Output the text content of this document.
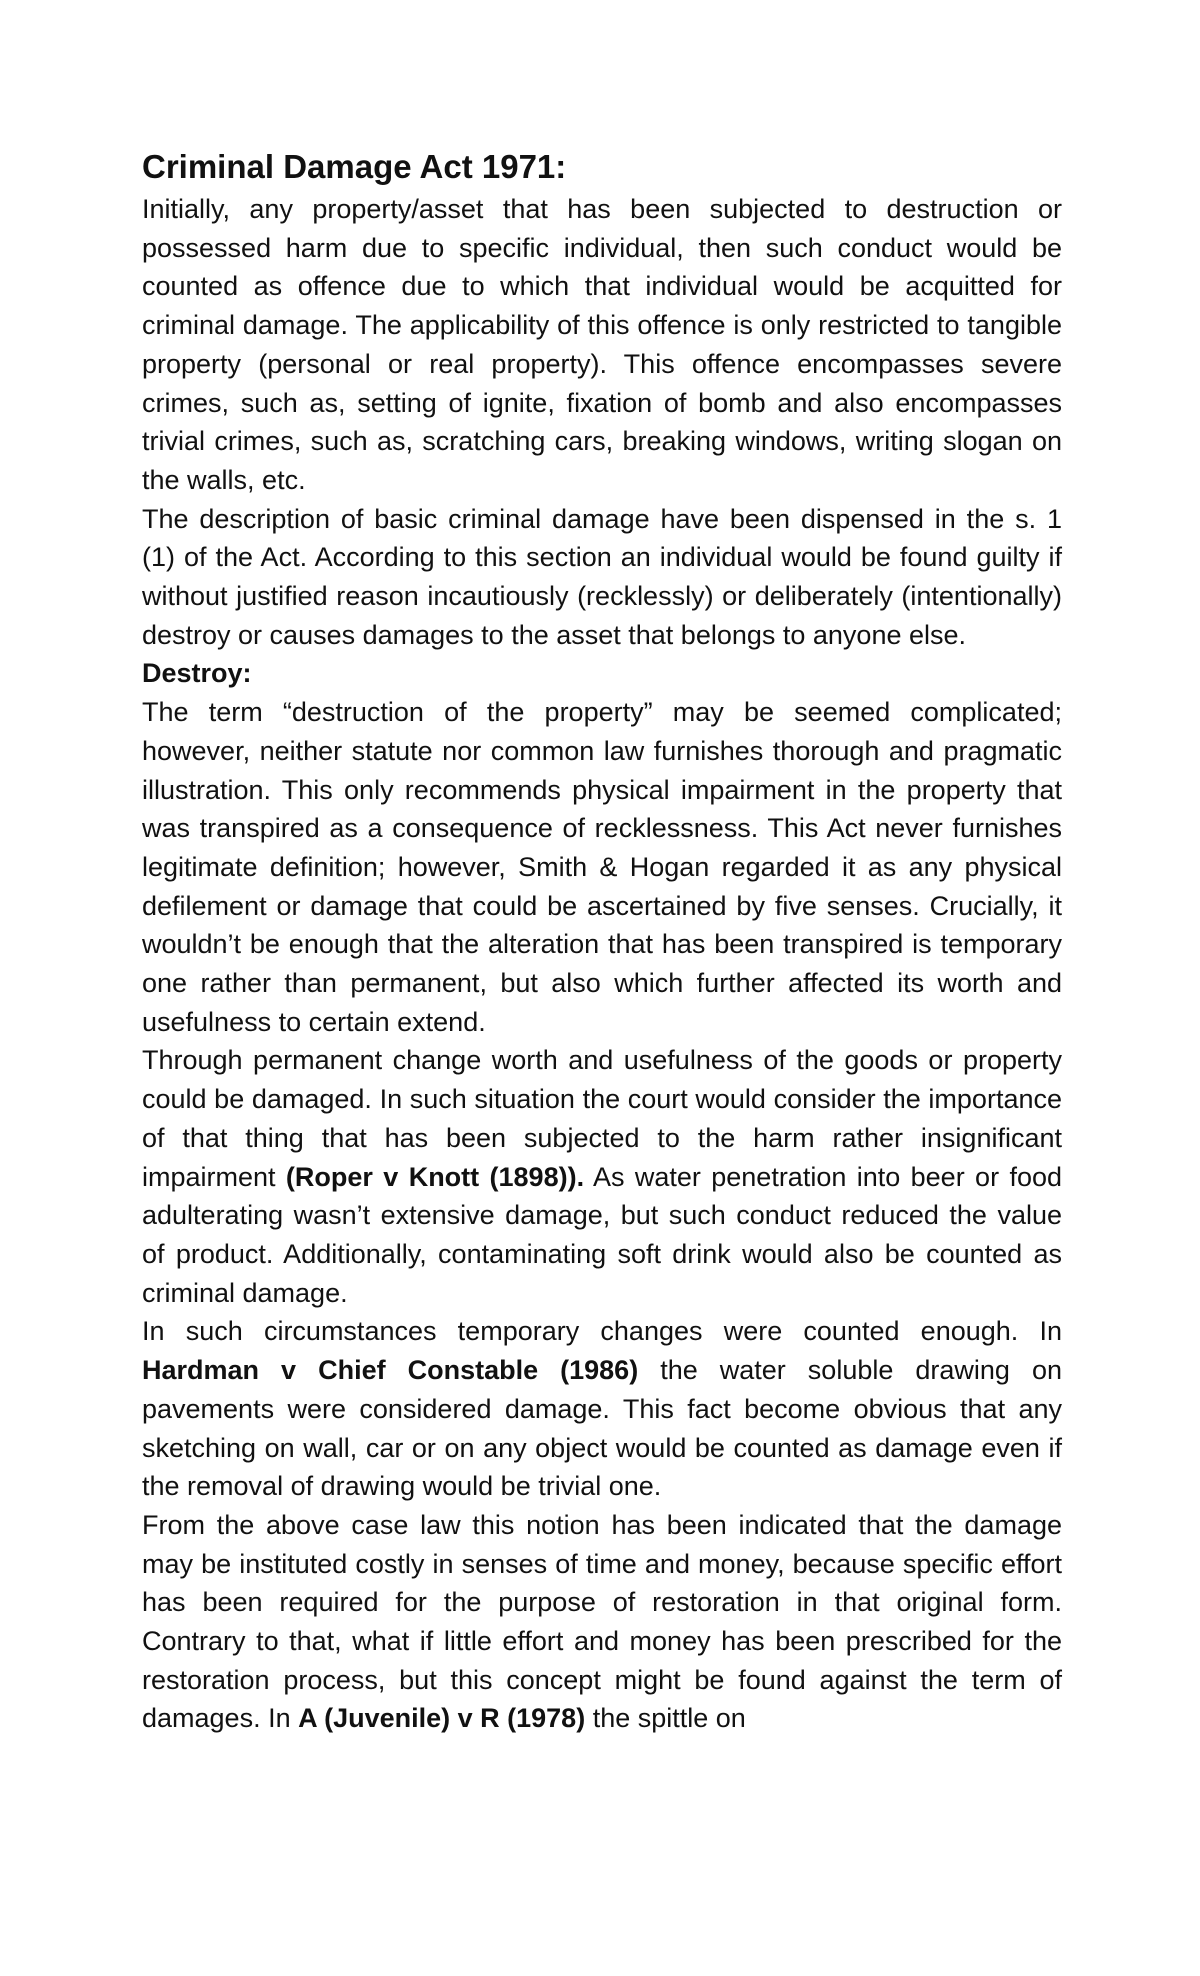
Criminal Damage Act 1971:

Initially, any property/asset that has been subjected to destruction or possessed harm due to specific individual, then such conduct would be counted as offence due to which that individual would be acquitted for criminal damage. The applicability of this offence is only restricted to tangible property (personal or real property). This offence encompasses severe crimes, such as, setting of ignite, fixation of bomb and also encompasses trivial crimes, such as, scratching cars, breaking windows, writing slogan on the walls, etc.

The description of basic criminal damage have been dispensed in the s. 1 (1) of the Act. According to this section an individual would be found guilty if without justified reason incautiously (recklessly) or deliberately (intentionally) destroy or causes damages to the asset that belongs to anyone else.

Destroy:

The term “destruction of the property” may be seemed complicated; however, neither statute nor common law furnishes thorough and pragmatic illustration. This only recommends physical impairment in the property that was transpired as a consequence of recklessness. This Act never furnishes legitimate definition; however, Smith & Hogan regarded it as any physical defilement or damage that could be ascertained by five senses. Crucially, it wouldn’t be enough that the alteration that has been transpired is temporary one rather than permanent, but also which further affected its worth and usefulness to certain extend.

Through permanent change worth and usefulness of the goods or property could be damaged. In such situation the court would consider the importance of that thing that has been subjected to the harm rather insignificant impairment (Roper v Knott (1898)). As water penetration into beer or food adulterating wasn’t extensive damage, but such conduct reduced the value of product. Additionally, contaminating soft drink would also be counted as criminal damage.

In such circumstances temporary changes were counted enough. In Hardman v Chief Constable (1986) the water soluble drawing on pavements were considered damage. This fact become obvious that any sketching on wall, car or on any object would be counted as damage even if the removal of drawing would be trivial one.

From the above case law this notion has been indicated that the damage may be instituted costly in senses of time and money, because specific effort has been required for the purpose of restoration in that original form. Contrary to that, what if little effort and money has been prescribed for the restoration process, but this concept might be found against the term of damages. In A (Juvenile) v R (1978) the spittle on
